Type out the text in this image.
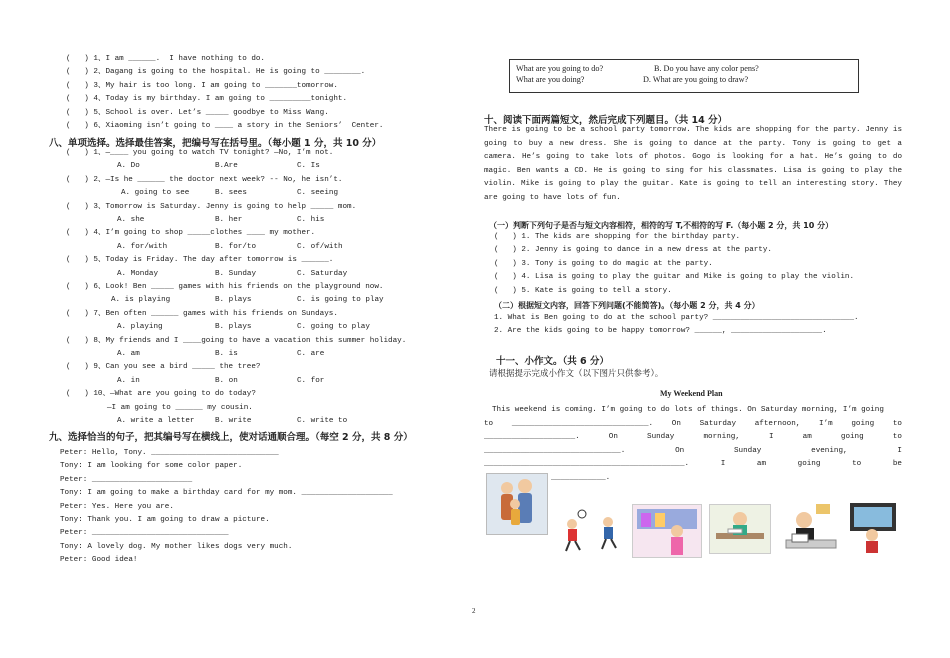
(   ) 1、I am ______.  I have nothing to do.
(   ) 2、Dagang is going to the hospital. He is going to ________.
(   ) 3、My hair is too long. I am going to _______tomorrow.
(   ) 4、Today is my birthday. I am going to _________tonight.
(   ) 5、School is over. Let’s _____ goodbye to Miss Wang.
(   ) 6、Xiaoming isn’t going to ____ a story in the Seniors’  Center.
八、单项选择。选择最佳答案，把编号写在括号里。（每小题 1 分，共 10 分）
(   ) 1、—____ you going to watch TV tonight? —No, I’m not.
A. Do	B.Are	C. Is
(   ) 2、—Is he ______ the doctor next week? -- No, he isn’t.
A. going to see	B. sees	C. seeing
(   ) 3、Tomorrow is Saturday. Jenny is going to help _____ mom.
A. she	B. her	C. his
(   ) 4、I’m going to shop _____clothes ____ my mother.
A. for/with	B. for/to	C. of/with
(   ) 5、Today is Friday. The day after tomorrow is ______.
A. Monday	B. Sunday	C. Saturday
(   ) 6、Look! Ben _____ games with his friends on the playground now.
A. is playing	B. plays	C. is going to play
(   ) 7、Ben often ______ games with his friends on Sundays.
A. playing	B. plays	C. going to play
(   ) 8、My friends and I ____going to have a vacation this summer holiday.
A. am	B. is	C. are
(   ) 9、Can you see a bird _____ the tree?
A. in	B. on	C. for
(   ) 10、—What are you going to do today?
—I am going to ______ my cousin.
A. write a letter	B. write	C. write to
九、选择恰当的句子，把其编号写在横线上，使对话通顺合理。（每空 2 分，共 8 分）
Peter: Hello, Tony. ____________________________
Tony: I am looking for some color paper.
Peter: ______________________
Tony: I am going to make a birthday card for my mom. ____________________
Peter: Yes. Here you are.
Tony: Thank you. I am going to draw a picture.
Peter: ______________________________
Tony: A lovely dog. My mother likes dogs very much.
Peter: Good idea!
What are you going to do?	B. Do you have any color pens?
What are you doing?	D. What are you going to draw?
十、阅读下面两篇短文，然后完成下列题目。（共 14 分）
There is going to be a school party tomorrow. The kids are shopping for the party. Jenny is going to buy a new dress. She is going to dance at the party. Tony is going to get a camera. He’s going to take lots of photos. Gogo is looking for a hat. He’s going to do magic. Ben wants a CD. He is going to sing for his classmates. Lisa is going to play the violin. Mike is going to play the guitar. Kate is going to tell an interesting story. They are going to have lots of fun.
（一）判断下列句子是否与短文内容相符，相符的写 T,不相符的写 F.（每小题 2 分，共 10 分）
(   ) 1. The kids are shopping for the birthday party.
(   ) 2. Jenny is going to dance in a new dress at the party.
(   ) 3. Tony is going to do magic at the party.
(   ) 4. Lisa is going to play the guitar and Mike is going to play the violin.
(   ) 5. Kate is going to tell a story.
（二）根据短文内容，回答下列问题(不能简答)。（每小题 2 分，共 4 分）
1. What is Ben going to do at the school party? _______________________________.
2. Are the kids going to be happy tomorrow? ______, ____________________.
十一、小作文。（共 6 分）
请根据提示完成小作文（以下图片只供参考）。
My Weekend Plan
This weekend is coming. I’m going to do lots of things. On Saturday morning, I’m going
to ______________________________. On Saturday afternoon, I’m going to
____________________.	On	Sunday	morning,	I	am	going	to
______________________________.	On	Sunday	evening,	I
____________________________________________.	I	am	going	to	be
____________.
2
